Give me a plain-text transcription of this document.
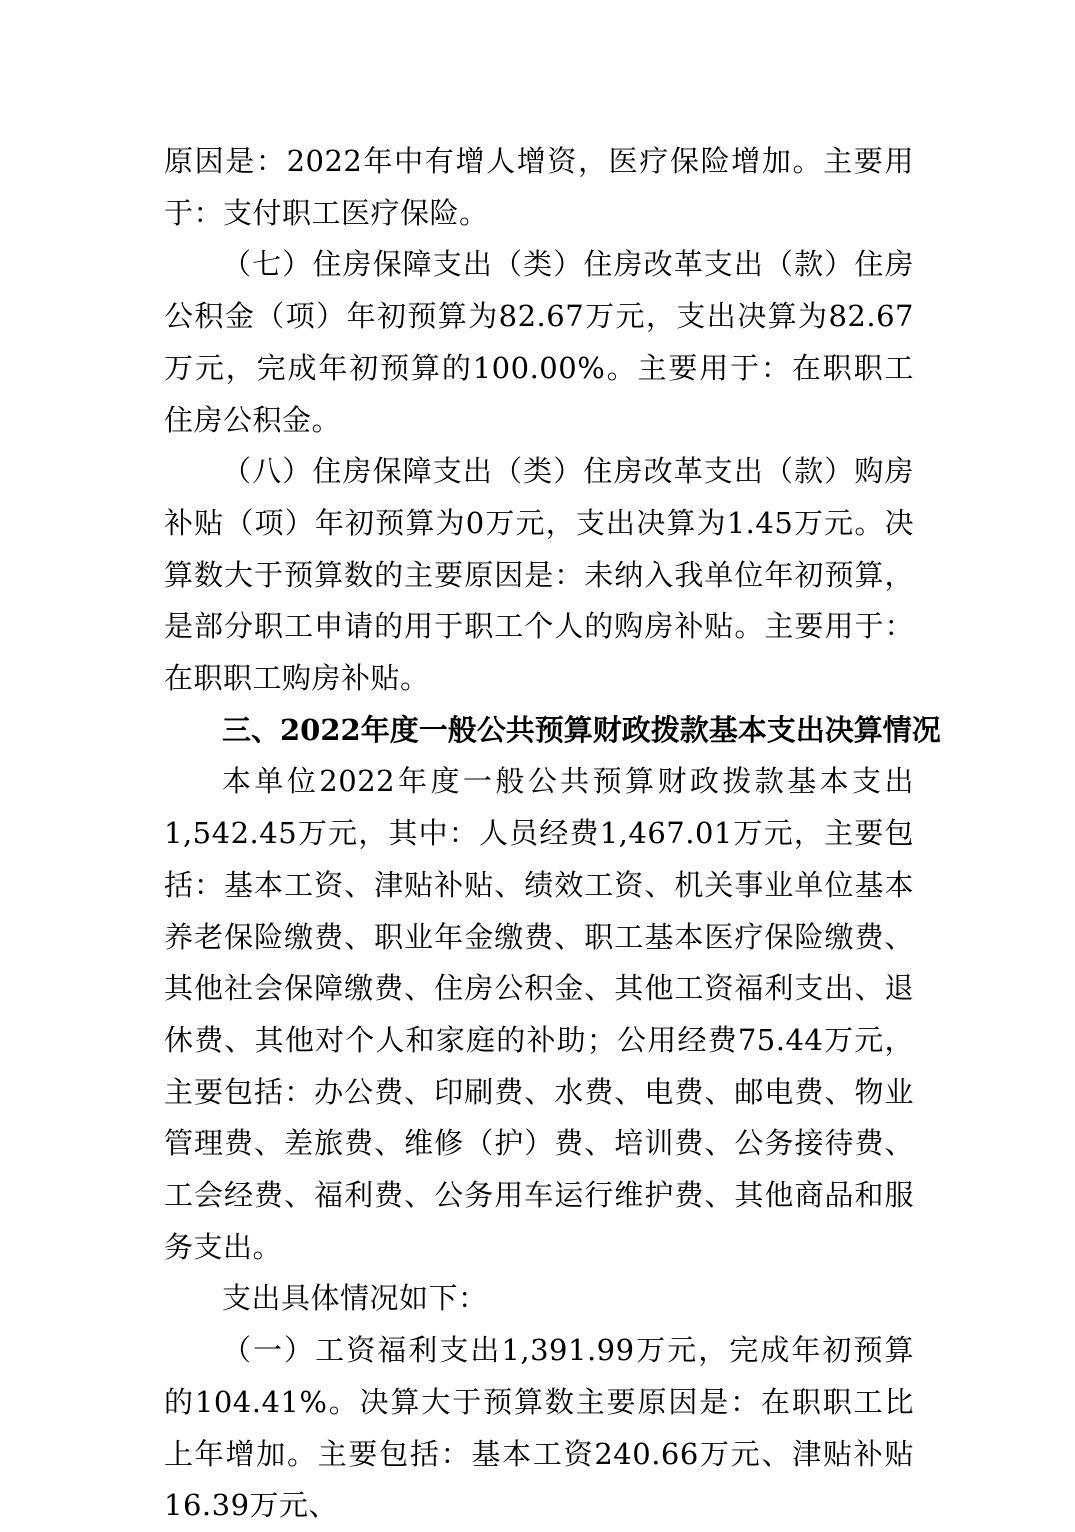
原因是：2022年中有增人增资，医疗保险增加。主要用于：支付职工医疗保险。

（七）住房保障支出（类）住房改革支出（款）住房公积金（项）年初预算为82.67万元，支出决算为82.67万元，完成年初预算的100.00%。主要用于：在职职工住房公积金。

（八）住房保障支出（类）住房改革支出（款）购房补贴（项）年初预算为0万元，支出决算为1.45万元。决算数大于预算数的主要原因是：未纳入我单位年初预算，是部分职工申请的用于职工个人的购房补贴。主要用于：在职职工购房补贴。

三、2022年度一般公共预算财政拨款基本支出决算情况

本单位2022年度一般公共预算财政拨款基本支出

1,542.45万元，其中：人员经费1,467.01万元，主要包括：基本工资、津贴补贴、绩效工资、机关事业单位基本养老保险缴费、职业年金缴费、职工基本医疗保险缴费、其他社会保障缴费、住房公积金、其他工资福利支出、退休费、其他对个人和家庭的补助；公用经费75.44万元，主要包括：办公费、印刷费、水费、电费、邮电费、物业管理费、差旅费、维修（护）费、培训费、公务接待费、工会经费、福利费、公务用车运行维护费、其他商品和服务支出。

支出具体情况如下：

（一）工资福利支出1,391.99万元，完成年初预算的104.41%。决算大于预算数主要原因是：在职职工比上年增加。主要包括：基本工资240.66万元、津贴补贴16.39万元、
